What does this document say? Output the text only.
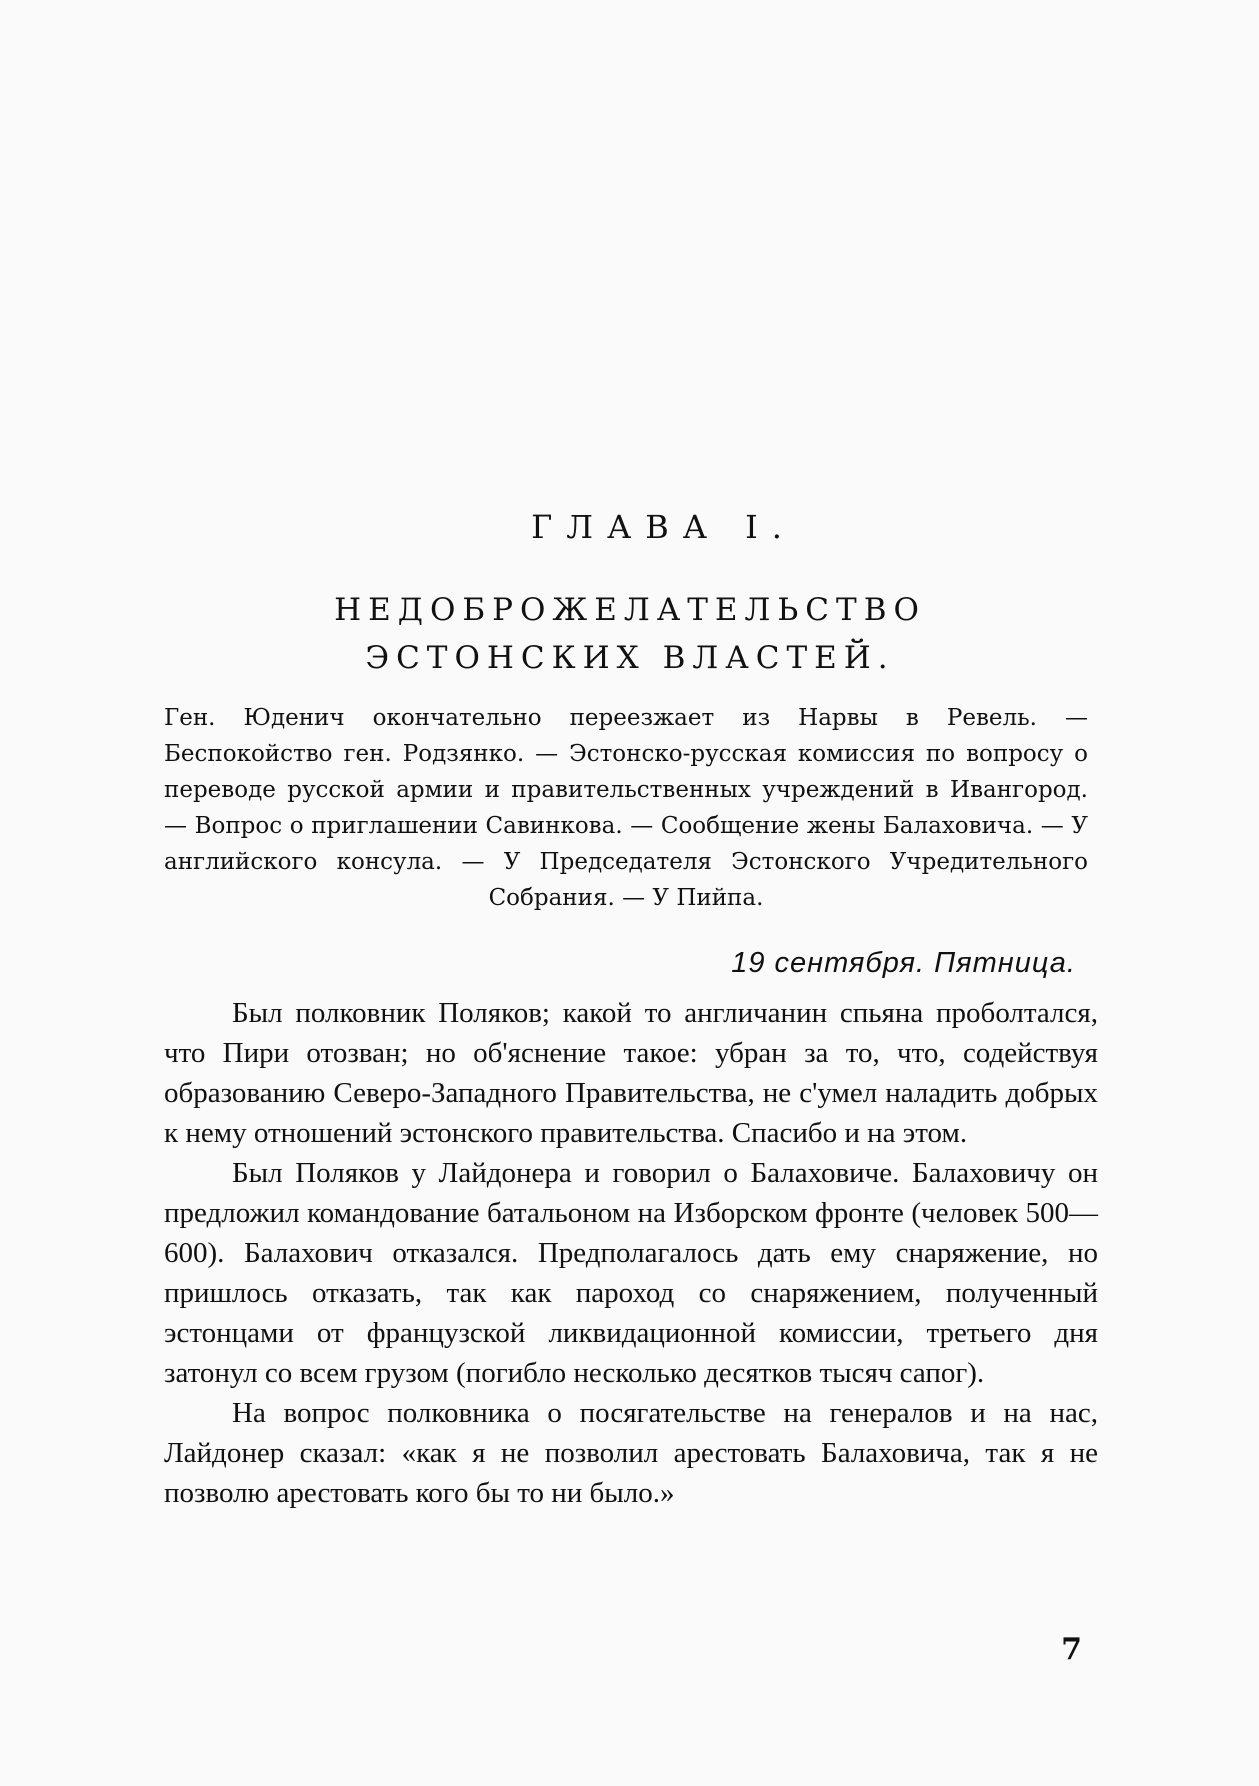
ГЛАВА I.
НЕДОБРОЖЕЛАТЕЛЬСТВО ЭСТОНСКИХ ВЛАСТЕЙ.
Ген. Юденич окончательно переезжает из Нарвы в Ревель. — Беспокойство ген. Родзянко. — Эстонско-русская комиссия по вопросу о переводе русской армии и правительственных учреждений в Ивангород. — Вопрос о приглашении Савинкова. — Сообщение жены Балаховича. — У английского консула. — У Председателя Эстонского Учредительного Собрания. — У Пийпа.
19 сентября. Пятница.

Был полковник Поляков; какой то англичанин спьяна проболтался, что Пири отозван; но об'яснение такое: убран за то, что, содействуя образованию Северо-Западного Правительства, не с'умел наладить добрых к нему отношений эстонского правительства. Спасибо и на этом.

Был Поляков у Лайдонера и говорил о Балаховиче. Балаховичу он предложил командование батальоном на Изборском фронте (человек 500—600). Балахович отказался. Предполагалось дать ему снаряжение, но пришлось отказать, так как пароход со снаряжением, полученный эстонцами от французской ликвидационной комиссии, третьего дня затонул со всем грузом (погибло несколько десятков тысяч сапог).

На вопрос полковника о посягательстве на генералов и на нас, Лайдонер сказал: «как я не позволил арестовать Балаховича, так я не позволю арестовать кого бы то ни было.»

7
